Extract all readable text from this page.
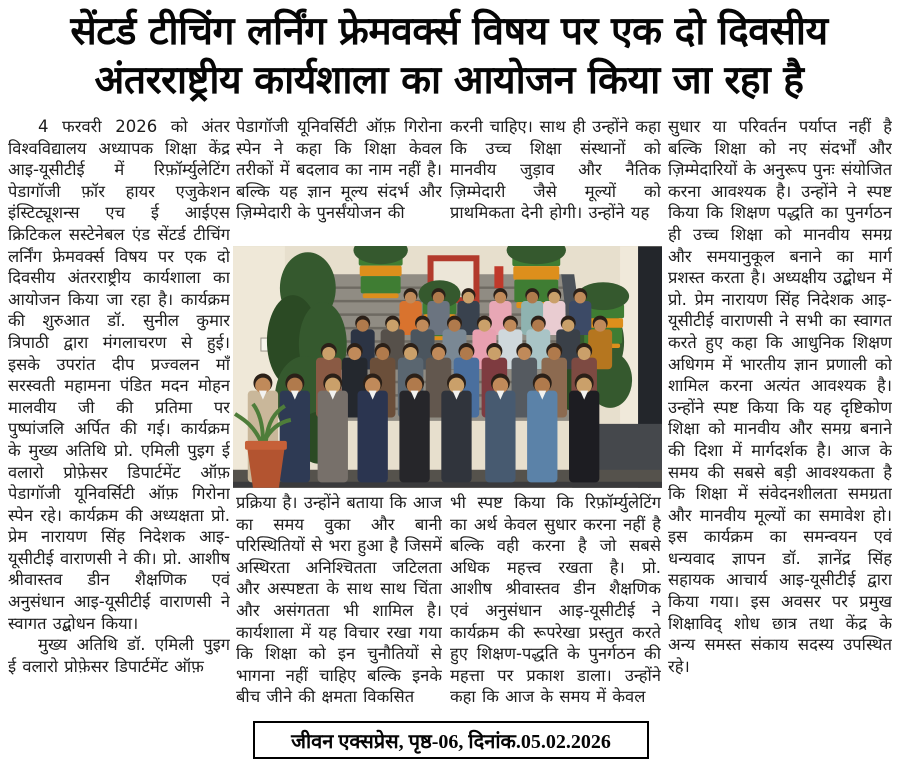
सेंटर्ड टीचिंग लर्निंग फ्रेमवर्क्स विषय पर एक दो दिवसीय अंतरराष्ट्रीय कार्यशाला का आयोजन किया जा रहा है

4 फरवरी 2026 को अंतर विश्वविद्यालय अध्यापक शिक्षा केंद्र आइ-यूसीटीई में रिफ़ॉर्म्युलेटिंग पेडागॉजी फ़ॉर हायर एजुकेशन इंस्टिट्यूशन्स एच ई आईएस क्रिटिकल सस्टेनेबल एंड सेंटर्ड टीचिंग लर्निंग फ्रेमवर्क्स विषय पर एक दो दिवसीय अंतरराष्ट्रीय कार्यशाला का आयोजन किया जा रहा है। कार्यक्रम की शुरुआत डॉ. सुनील कुमार त्रिपाठी द्वारा मंगलाचरण से हुई। इसके उपरांत दीप प्रज्वलन माँ सरस्वती महामना पंडित मदन मोहन मालवीय जी की प्रतिमा पर पुष्पांजलि अर्पित की गई। कार्यक्रम के मुख्य अतिथि प्रो. एमिली पुइग ई वलारो प्रोफ़ेसर डिपार्टमेंट ऑफ़ पेडागॉजी यूनिवर्सिटी ऑफ़ गिरोना स्पेन रहे। कार्यक्रम की अध्यक्षता प्रो. प्रेम नारायण सिंह निदेशक आइ-यूसीटीई वाराणसी ने की। प्रो. आशीष श्रीवास्तव डीन शैक्षणिक एवं अनुसंधान आइ-यूसीटीई वाराणसी ने स्वागत उद्बोधन किया।

मुख्य अतिथि डॉ. एमिली पुइग ई वलारो प्रोफ़ेसर डिपार्टमेंट ऑफ़

पेडागॉजी यूनिवर्सिटी ऑफ़ गिरोना स्पेन ने कहा कि शिक्षा केवल तरीकों में बदलाव का नाम नहीं है। बल्कि यह ज्ञान मूल्य संदर्भ और ज़िम्मेदारी के पुनर्संयोजन की

करनी चाहिए। साथ ही उन्होंने कहा कि उच्च शिक्षा संस्थानों को मानवीय जुड़ाव और नैतिक ज़िम्मेदारी जैसे मूल्यों को प्राथमिकता देनी होगी। उन्होंने यह

सुधार या परिवर्तन पर्याप्त नहीं है बल्कि शिक्षा को नए संदर्भों और ज़िम्मेदारियों के अनुरूप पुनः संयोजित करना आवश्यक है। उन्होंने ने स्पष्ट किया कि शिक्षण पद्धति का पुनर्गठन ही उच्च शिक्षा को मानवीय समग्र और समयानुकूल बनाने का मार्ग प्रशस्त करता है। अध्यक्षीय उद्बोधन में प्रो. प्रेम नारायण सिंह निदेशक आइ-यूसीटीई वाराणसी ने सभी का स्वागत करते हुए कहा कि आधुनिक शिक्षण अधिगम में भारतीय ज्ञान प्रणाली को शामिल करना अत्यंत आवश्यक है। उन्होंने स्पष्ट किया कि यह दृष्टिकोण शिक्षा को मानवीय और समग्र बनाने की दिशा में मार्गदर्शक है। आज के समय की सबसे बड़ी आवश्यकता है कि शिक्षा में संवेदनशीलता समग्रता और मानवीय मूल्यों का समावेश हो। इस कार्यक्रम का समन्वयन एवं धन्यवाद ज्ञापन डॉ. ज्ञानेंद्र सिंह सहायक आचार्य आइ-यूसीटीई द्वारा किया गया। इस अवसर पर प्रमुख शिक्षाविद् शोध छात्र तथा केंद्र के अन्य समस्त संकाय सदस्य उपस्थित रहे।

प्रक्रिया है। उन्होंने बताया कि आज का समय वुका और बानी परिस्थितियों से भरा हुआ है जिसमें अस्थिरता अनिश्चितता जटिलता और अस्पष्टता के साथ साथ चिंता और असंगतता भी शामिल है। कार्यशाला में यह विचार रखा गया कि शिक्षा को इन चुनौतियों से भागना नहीं चाहिए बल्कि इनके बीच जीने की क्षमता विकसित

भी स्पष्ट किया कि रिफ़ॉर्म्युलेटिंग का अर्थ केवल सुधार करना नहीं है बल्कि वही करना है जो सबसे अधिक महत्त्व रखता है। प्रो. आशीष श्रीवास्तव डीन शैक्षणिक एवं अनुसंधान आइ-यूसीटीई ने कार्यक्रम की रूपरेखा प्रस्तुत करते हुए शिक्षण-पद्धति के पुनर्गठन की महत्ता पर प्रकाश डाला। उन्होंने कहा कि आज के समय में केवल

जीवन एक्सप्रेस, पृष्ठ-06, दिनांक.05.02.2026
